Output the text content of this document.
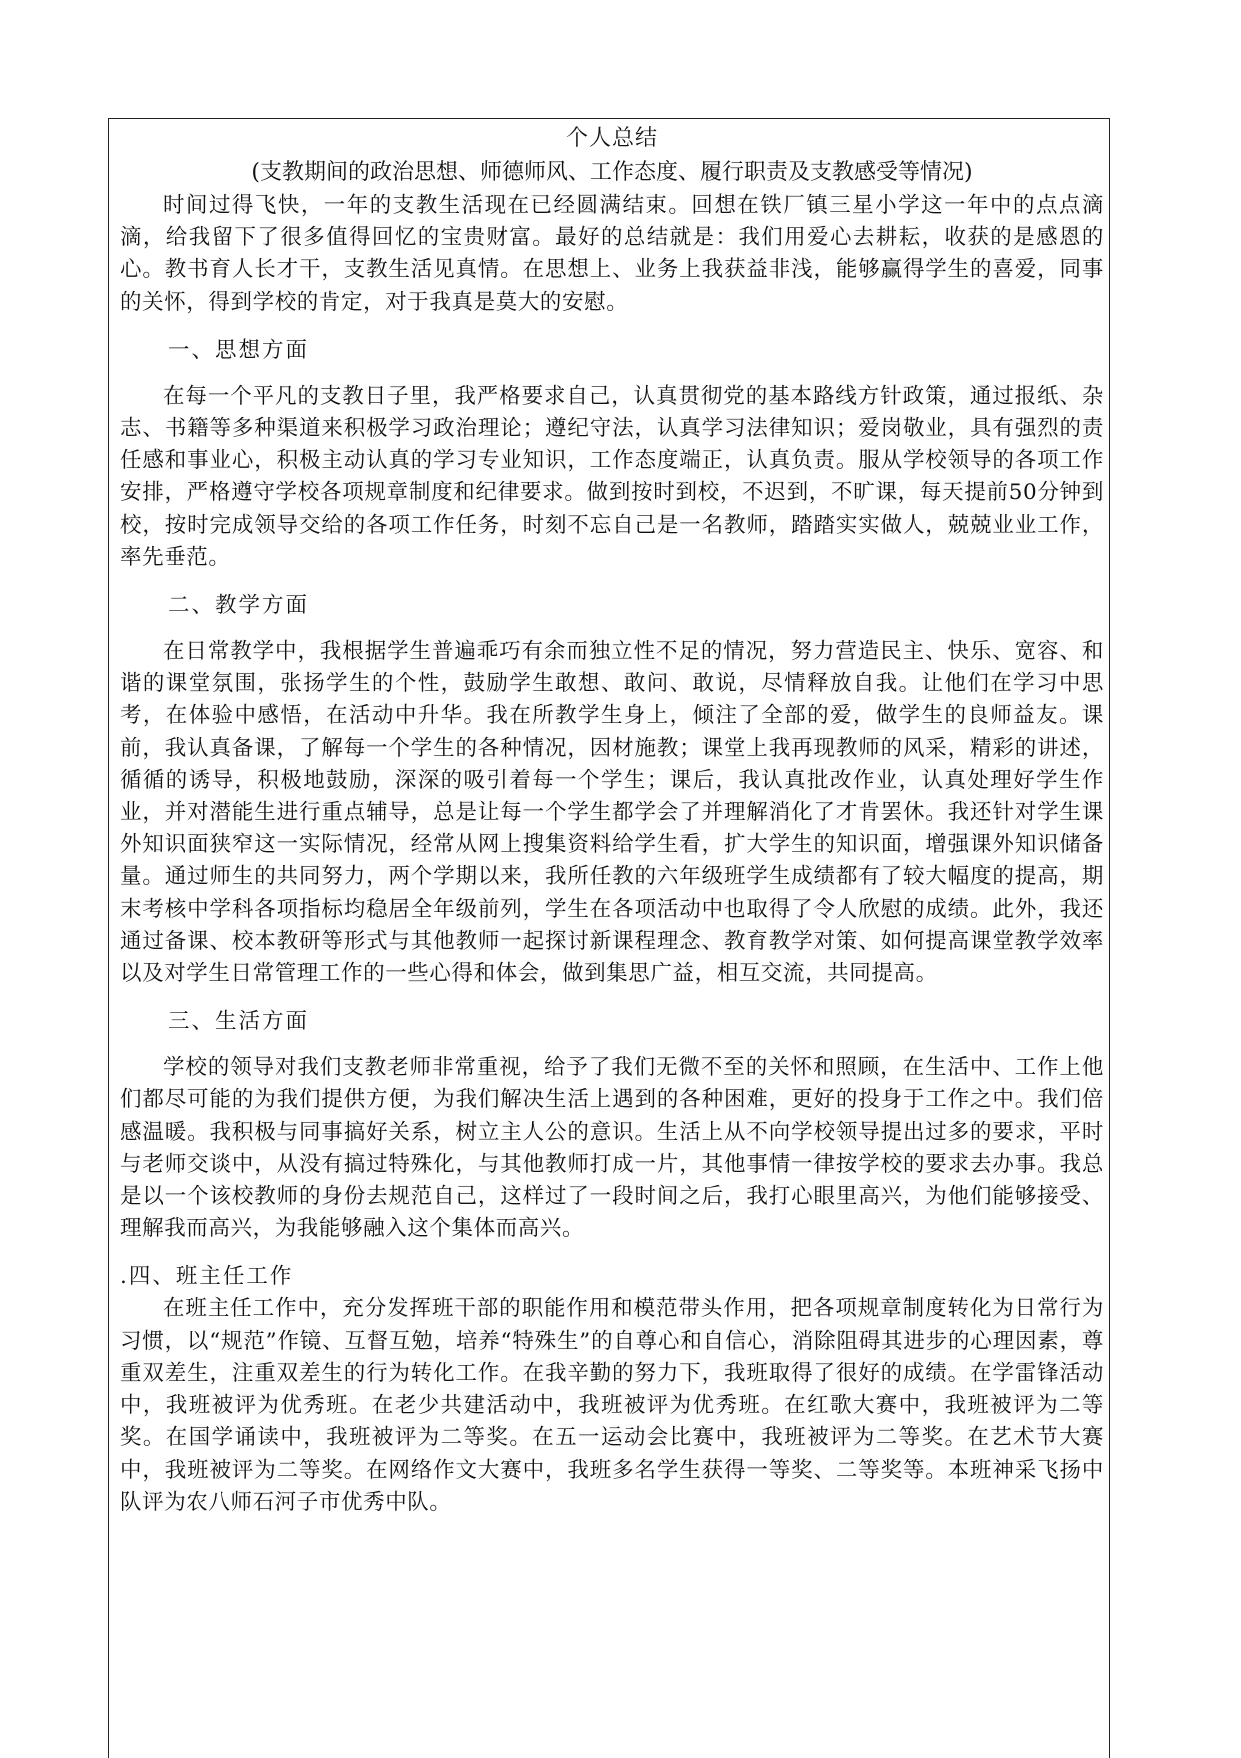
个人总结

(支教期间的政治思想、师德师风、工作态度、履行职责及支教感受等情况)

时间过得飞快，一年的支教生活现在已经圆满结束。回想在铁厂镇三星小学这一年中的点点滴滴，给我留下了很多值得回忆的宝贵财富。最好的总结就是：我们用爱心去耕耘，收获的是感恩的心。教书育人长才干，支教生活见真情。在思想上、业务上我获益非浅，能够赢得学生的喜爱，同事的关怀，得到学校的肯定，对于我真是莫大的安慰。

一、思想方面

在每一个平凡的支教日子里，我严格要求自己，认真贯彻党的基本路线方针政策，通过报纸、杂志、书籍等多种渠道来积极学习政治理论；遵纪守法，认真学习法律知识；爱岗敬业，具有强烈的责任感和事业心，积极主动认真的学习专业知识，工作态度端正，认真负责。服从学校领导的各项工作安排，严格遵守学校各项规章制度和纪律要求。做到按时到校，不迟到，不旷课，每天提前50分钟到校，按时完成领导交给的各项工作任务，时刻不忘自己是一名教师，踏踏实实做人，兢兢业业工作，率先垂范。

二、教学方面

在日常教学中，我根据学生普遍乖巧有余而独立性不足的情况，努力营造民主、快乐、宽容、和谐的课堂氛围，张扬学生的个性，鼓励学生敢想、敢问、敢说，尽情释放自我。让他们在学习中思考，在体验中感悟，在活动中升华。我在所教学生身上，倾注了全部的爱，做学生的良师益友。课前，我认真备课，了解每一个学生的各种情况，因材施教；课堂上我再现教师的风采，精彩的讲述，循循的诱导，积极地鼓励，深深的吸引着每一个学生；课后，我认真批改作业，认真处理好学生作业，并对潜能生进行重点辅导，总是让每一个学生都学会了并理解消化了才肯罢休。我还针对学生课外知识面狭窄这一实际情况，经常从网上搜集资料给学生看，扩大学生的知识面，增强课外知识储备量。通过师生的共同努力，两个学期以来，我所任教的六年级班学生成绩都有了较大幅度的提高，期末考核中学科各项指标均稳居全年级前列，学生在各项活动中也取得了令人欣慰的成绩。此外，我还通过备课、校本教研等形式与其他教师一起探讨新课程理念、教育教学对策、如何提高课堂教学效率以及对学生日常管理工作的一些心得和体会，做到集思广益，相互交流，共同提高。

三、生活方面

学校的领导对我们支教老师非常重视，给予了我们无微不至的关怀和照顾，在生活中、工作上他们都尽可能的为我们提供方便，为我们解决生活上遇到的各种困难，更好的投身于工作之中。我们倍感温暖。我积极与同事搞好关系，树立主人公的意识。生活上从不向学校领导提出过多的要求，平时与老师交谈中，从没有搞过特殊化，与其他教师打成一片，其他事情一律按学校的要求去办事。我总是以一个该校教师的身份去规范自己，这样过了一段时间之后，我打心眼里高兴，为他们能够接受、理解我而高兴，为我能够融入这个集体而高兴。

.四、班主任工作

在班主任工作中，充分发挥班干部的职能作用和模范带头作用，把各项规章制度转化为日常行为习惯，以“规范”作镜、互督互勉，培养“特殊生”的自尊心和自信心，消除阻碍其进步的心理因素，尊重双差生，注重双差生的行为转化工作。在我辛勤的努力下，我班取得了很好的成绩。在学雷锋活动中，我班被评为优秀班。在老少共建活动中，我班被评为优秀班。在红歌大赛中，我班被评为二等奖。在国学诵读中，我班被评为二等奖。在五一运动会比赛中，我班被评为二等奖。在艺术节大赛中，我班被评为二等奖。在网络作文大赛中，我班多名学生获得一等奖、二等奖等。本班神采飞扬中队评为农八师石河子市优秀中队。
